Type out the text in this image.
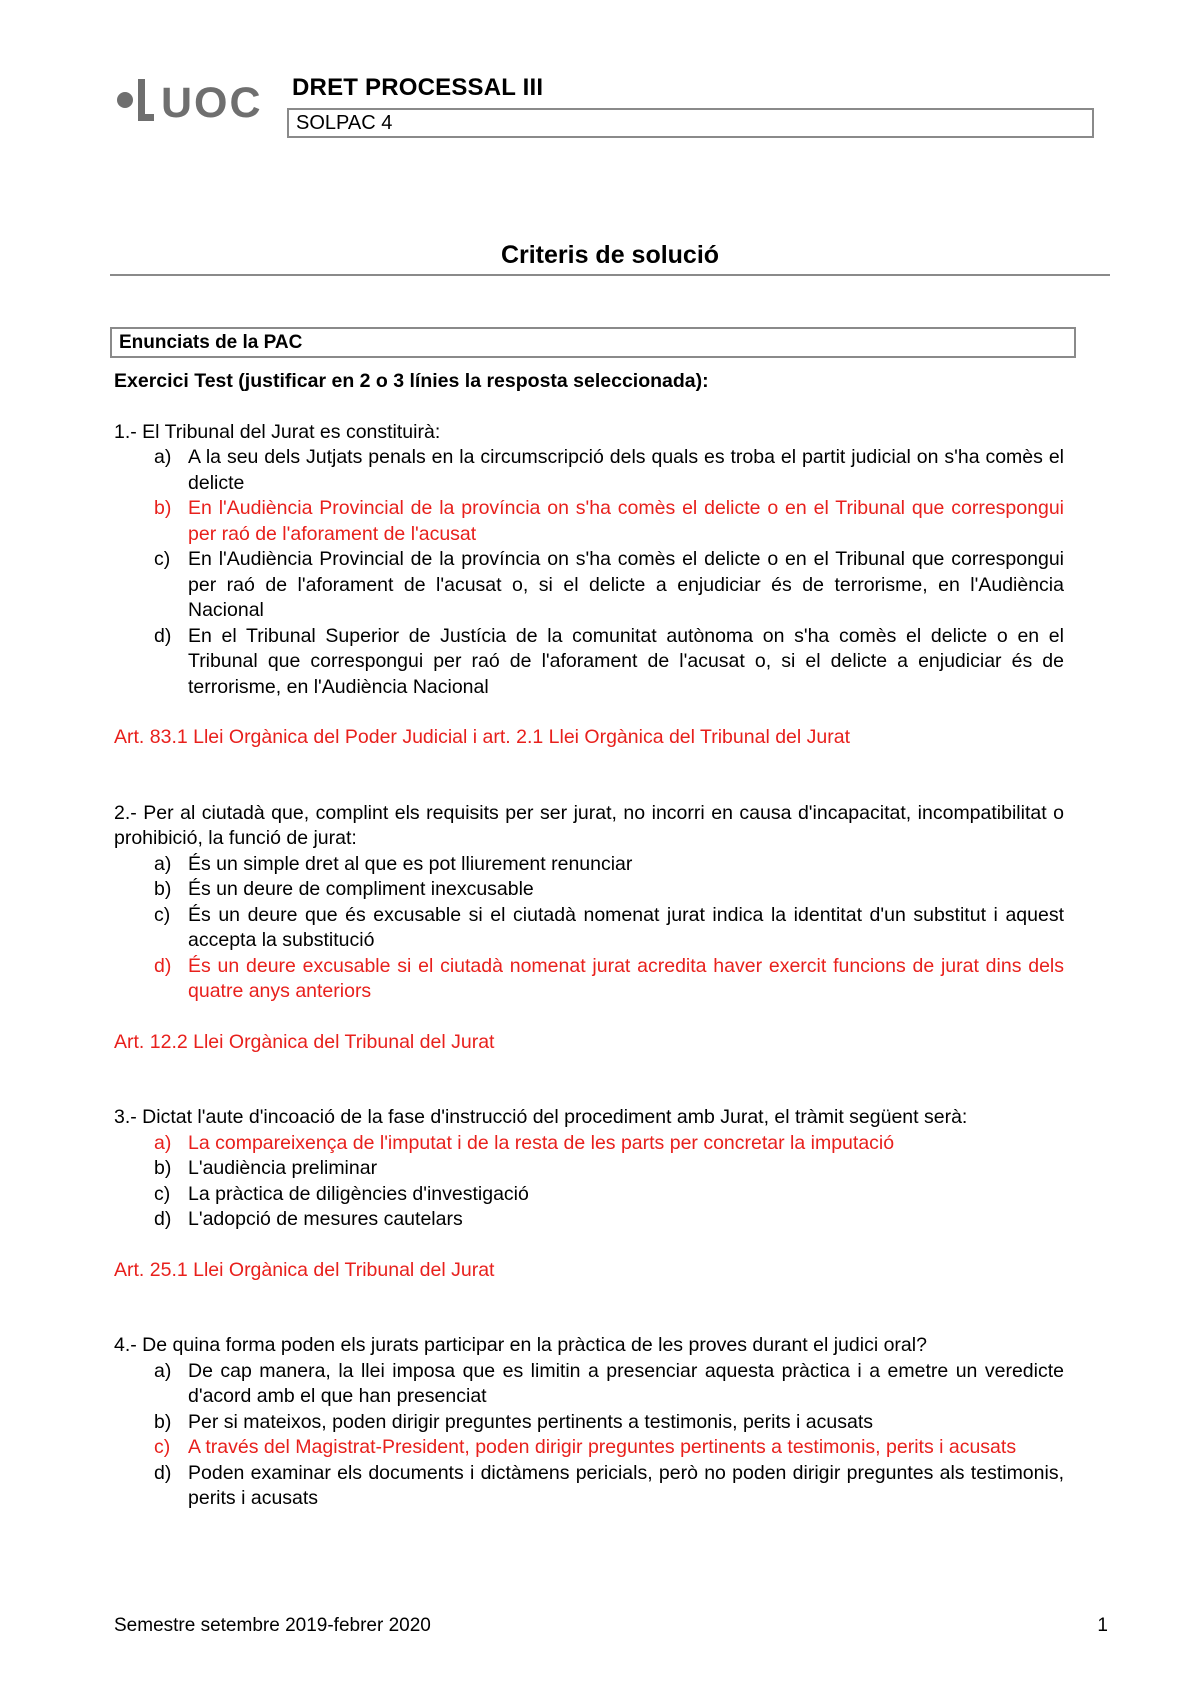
UOC DRET PROCESSAL III
SOLPAC 4
Criteris de solució
Enunciats de la PAC

Exercici Test (justificar en 2 o 3 línies la resposta seleccionada):

1.- El Tribunal del Jurat es constituirà:

a) A la seu dels Jutjats penals en la circumscripció dels quals es troba el partit judicial on s'ha comès el delicte
b) En l'Audiència Provincial de la província on s'ha comès el delicte o en el Tribunal que correspongui per raó de l'aforament de l'acusat
c) En l'Audiència Provincial de la província on s'ha comès el delicte o en el Tribunal que correspongui per raó de l'aforament de l'acusat o, si el delicte a enjudiciar és de terrorisme, en l'Audiència Nacional
d) En el Tribunal Superior de Justícia de la comunitat autònoma on s'ha comès el delicte o en el Tribunal que correspongui per raó de l'aforament de l'acusat o, si el delicte a enjudiciar és de terrorisme, en l'Audiència Nacional

Art. 83.1 Llei Orgànica del Poder Judicial i art. 2.1 Llei Orgànica del Tribunal del Jurat

2.- Per al ciutadà que, complint els requisits per ser jurat, no incorri en causa d'incapacitat, incompatibilitat o prohibició, la funció de jurat:

a) És un simple dret al que es pot lliurement renunciar
b) És un deure de compliment inexcusable
c) És un deure que és excusable si el ciutadà nomenat jurat indica la identitat d'un substitut i aquest accepta la substitució
d) És un deure excusable si el ciutadà nomenat jurat acredita haver exercit funcions de jurat dins dels quatre anys anteriors

Art. 12.2 Llei Orgànica del Tribunal del Jurat

3.- Dictat l'aute d'incoació de la fase d'instrucció del procediment amb Jurat, el tràmit següent serà:

a) La compareixença de l'imputat i de la resta de les parts per concretar la imputació
b) L'audiència preliminar
c) La pràctica de diligències d'investigació
d) L'adopció de mesures cautelars

Art. 25.1 Llei Orgànica del Tribunal del Jurat

4.- De quina forma poden els jurats participar en la pràctica de les proves durant el judici oral?

a) De cap manera, la llei imposa que es limitin a presenciar aquesta pràctica i a emetre un veredicte d'acord amb el que han presenciat
b) Per si mateixos, poden dirigir preguntes pertinents a testimonis, perits i acusats
c) A través del Magistrat-President, poden dirigir preguntes pertinents a testimonis, perits i acusats
d) Poden examinar els documents i dictàmens pericials, però no poden dirigir preguntes als testimonis, perits i acusats
Semestre setembre 2019-febrer 2020	1
